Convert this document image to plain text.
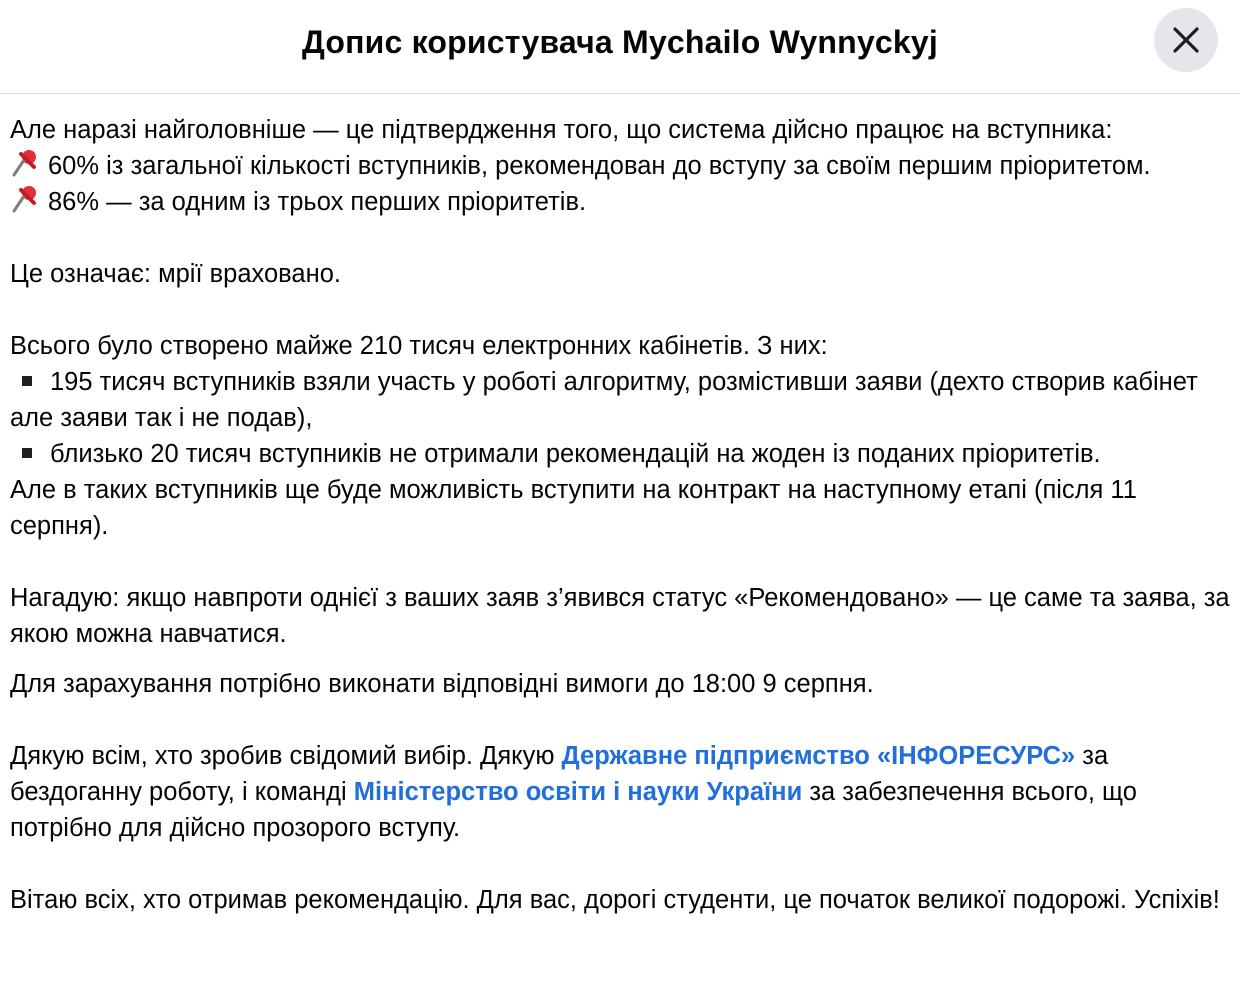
Допис користувача Mychailo Wynnyckyj

Але наразі найголовніше — це підтвердження того, що система дійсно працює на вступника:

60% із загальної кількості вступників, рекомендован до вступу за своїм першим пріоритетом.

86% — за одним із трьох перших пріоритетів.

Це означає: мрії враховано.

Всього було створено майже 210 тисяч електронних кабінетів. З них:

195 тисяч вступників взяли участь у роботі алгоритму, розмістивши заяви (дехто створив кабінет але заяви так і не подав),

близько 20 тисяч вступників не отримали рекомендацій на жоден із поданих пріоритетів.

Але в таких вступників ще буде можливість вступити на контракт на наступному етапі (після 11 серпня).

Нагадую: якщо навпроти однієї з ваших заяв з’явився статус «Рекомендовано» — це саме та заява, за якою можна навчатися.

Для зарахування потрібно виконати відповідні вимоги до 18:00 9 серпня.

Дякую всім, хто зробив свідомий вибір. Дякую Державне підприємство «ІНФОРЕСУРС» за бездоганну роботу, і команді Міністерство освіти і науки України за забезпечення всього, що потрібно для дійсно прозорого вступу.

Вітаю всіх, хто отримав рекомендацію. Для вас, дорогі студенти, це початок великої подорожі. Успіхів!
